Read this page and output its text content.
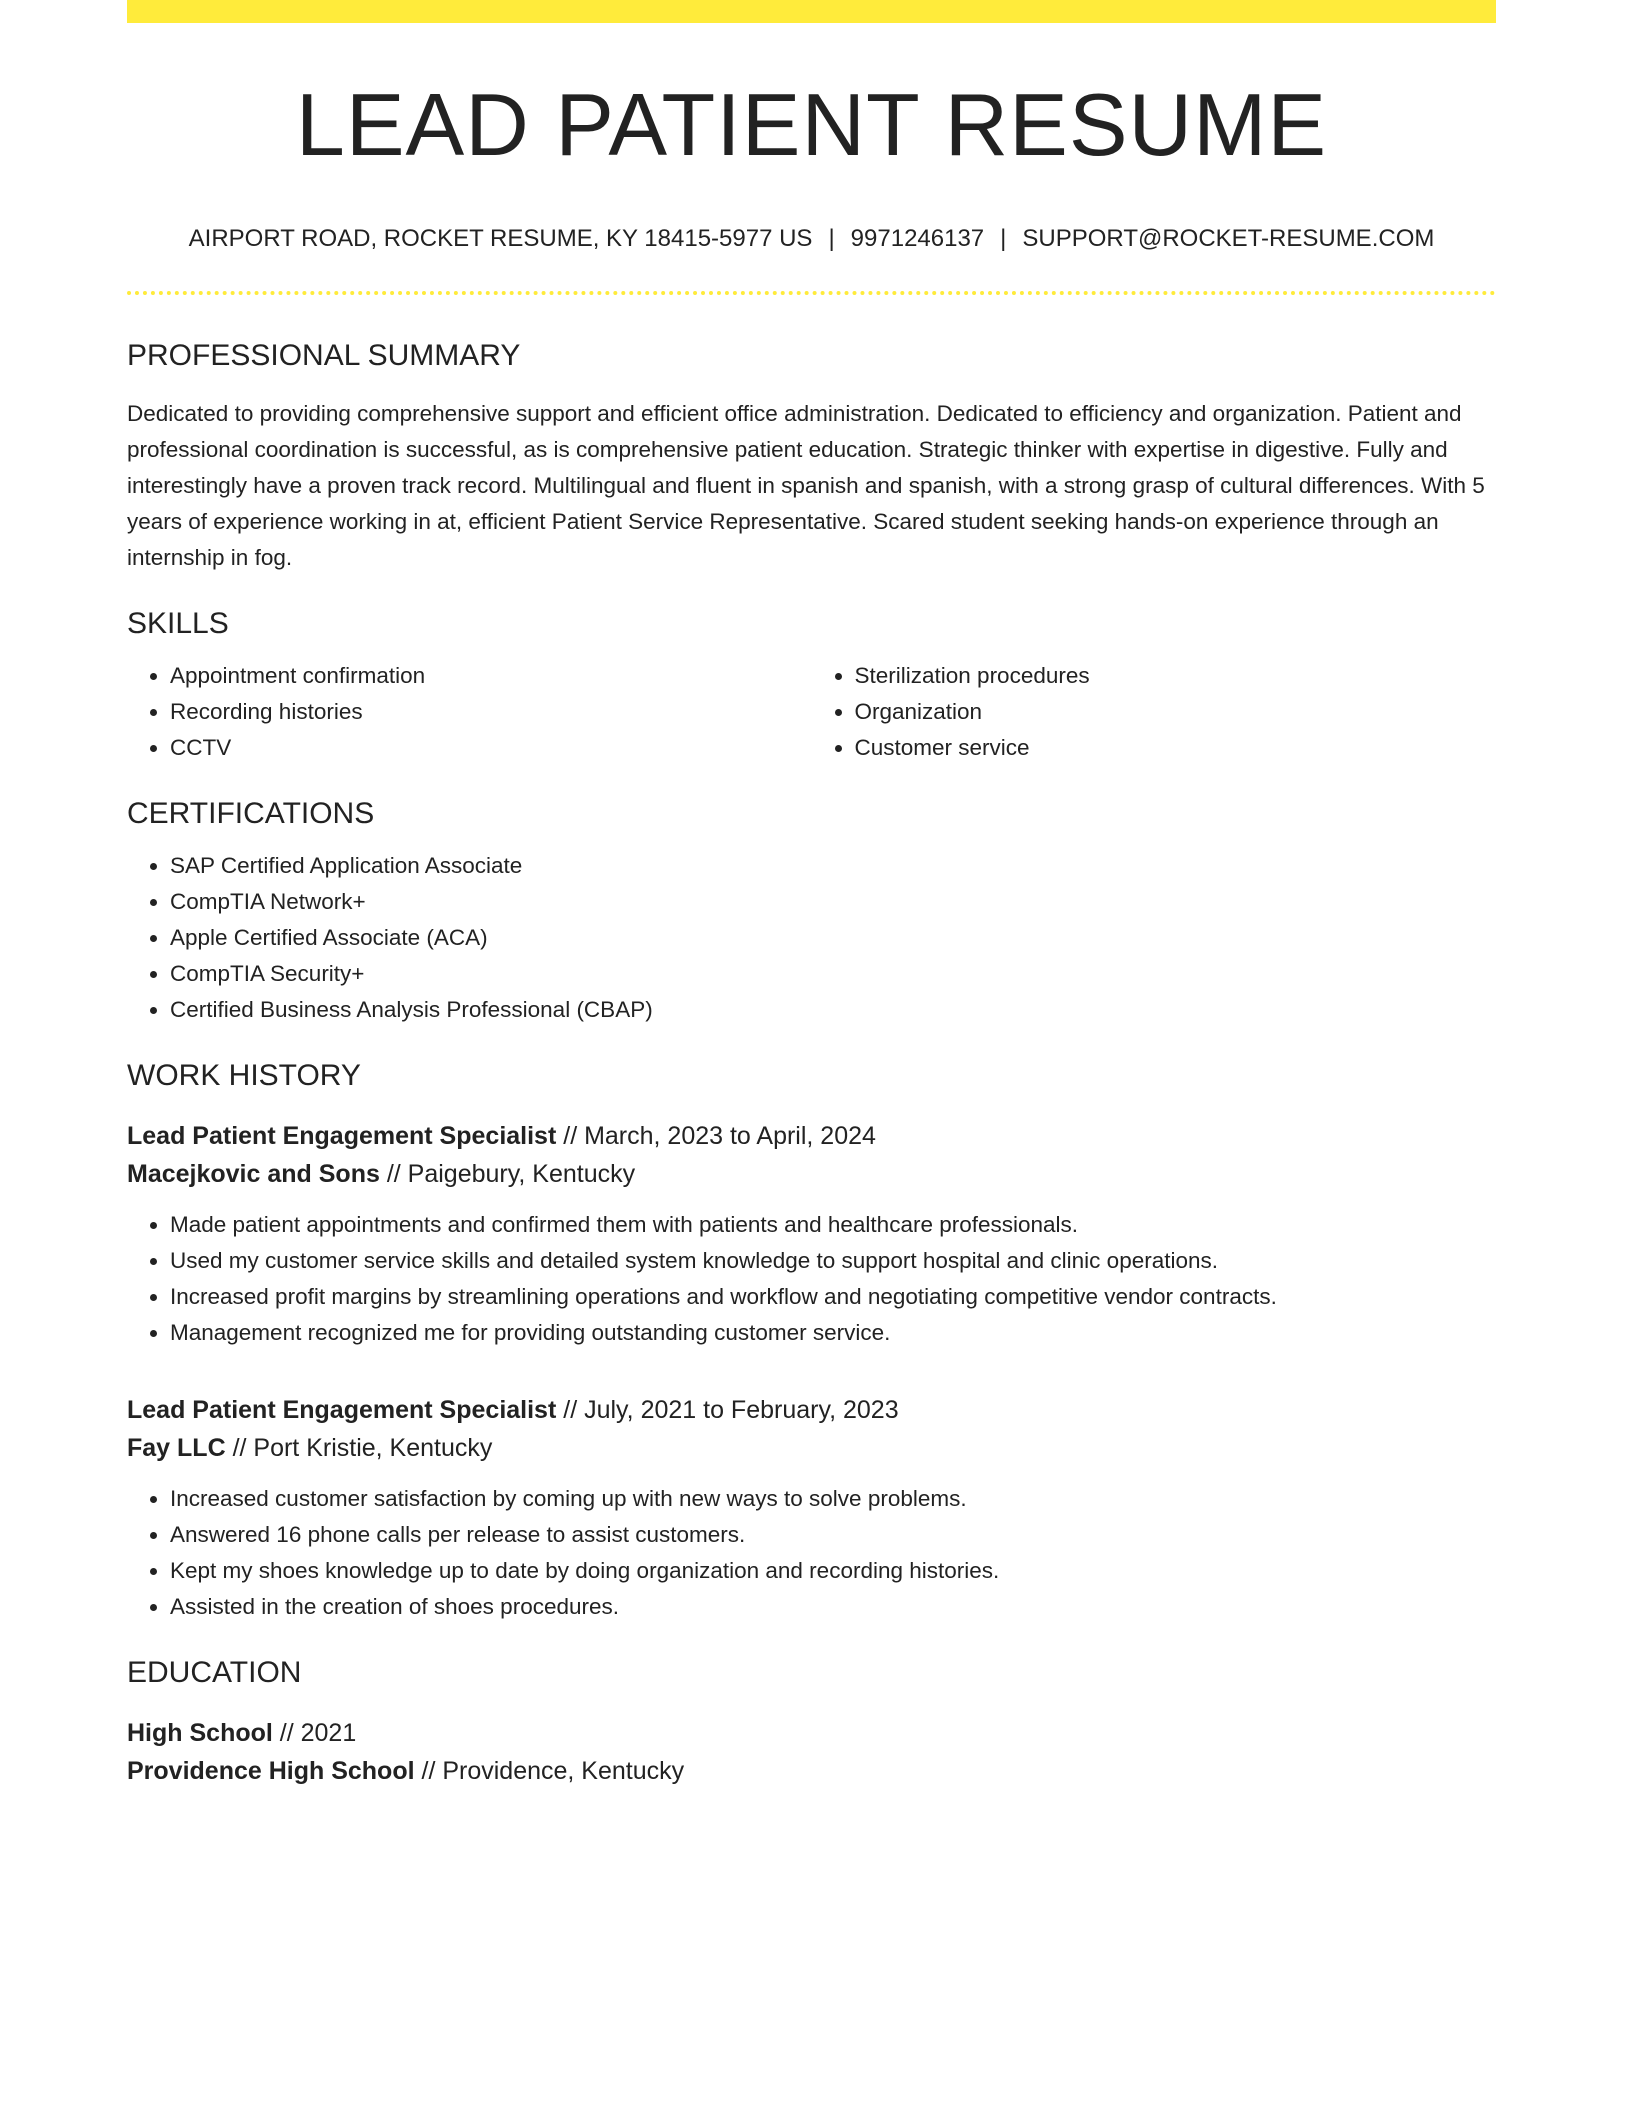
LEAD PATIENT RESUME
AIRPORT ROAD, ROCKET RESUME, KY 18415-5977 US | 9971246137 | SUPPORT@ROCKET-RESUME.COM
PROFESSIONAL SUMMARY

Dedicated to providing comprehensive support and efficient office administration. Dedicated to efficiency and organization. Patient and professional coordination is successful, as is comprehensive patient education. Strategic thinker with expertise in digestive. Fully and interestingly have a proven track record. Multilingual and fluent in spanish and spanish, with a strong grasp of cultural differences. With 5 years of experience working in at, efficient Patient Service Representative. Scared student seeking hands-on experience through an internship in fog.

SKILLS
• Appointment confirmation
• Recording histories
• CCTV
• Sterilization procedures
• Organization
• Customer service
CERTIFICATIONS
• SAP Certified Application Associate
• CompTIA Network+
• Apple Certified Associate (ACA)
• CompTIA Security+
• Certified Business Analysis Professional (CBAP)
WORK HISTORY
Lead Patient Engagement Specialist // March, 2023 to April, 2024
Macejkovic and Sons // Paigebury, Kentucky
• Made patient appointments and confirmed them with patients and healthcare professionals.
• Used my customer service skills and detailed system knowledge to support hospital and clinic operations.
• Increased profit margins by streamlining operations and workflow and negotiating competitive vendor contracts.
• Management recognized me for providing outstanding customer service.
Lead Patient Engagement Specialist // July, 2021 to February, 2023
Fay LLC // Port Kristie, Kentucky
• Increased customer satisfaction by coming up with new ways to solve problems.
• Answered 16 phone calls per release to assist customers.
• Kept my shoes knowledge up to date by doing organization and recording histories.
• Assisted in the creation of shoes procedures.
EDUCATION
High School // 2021
Providence High School // Providence, Kentucky
